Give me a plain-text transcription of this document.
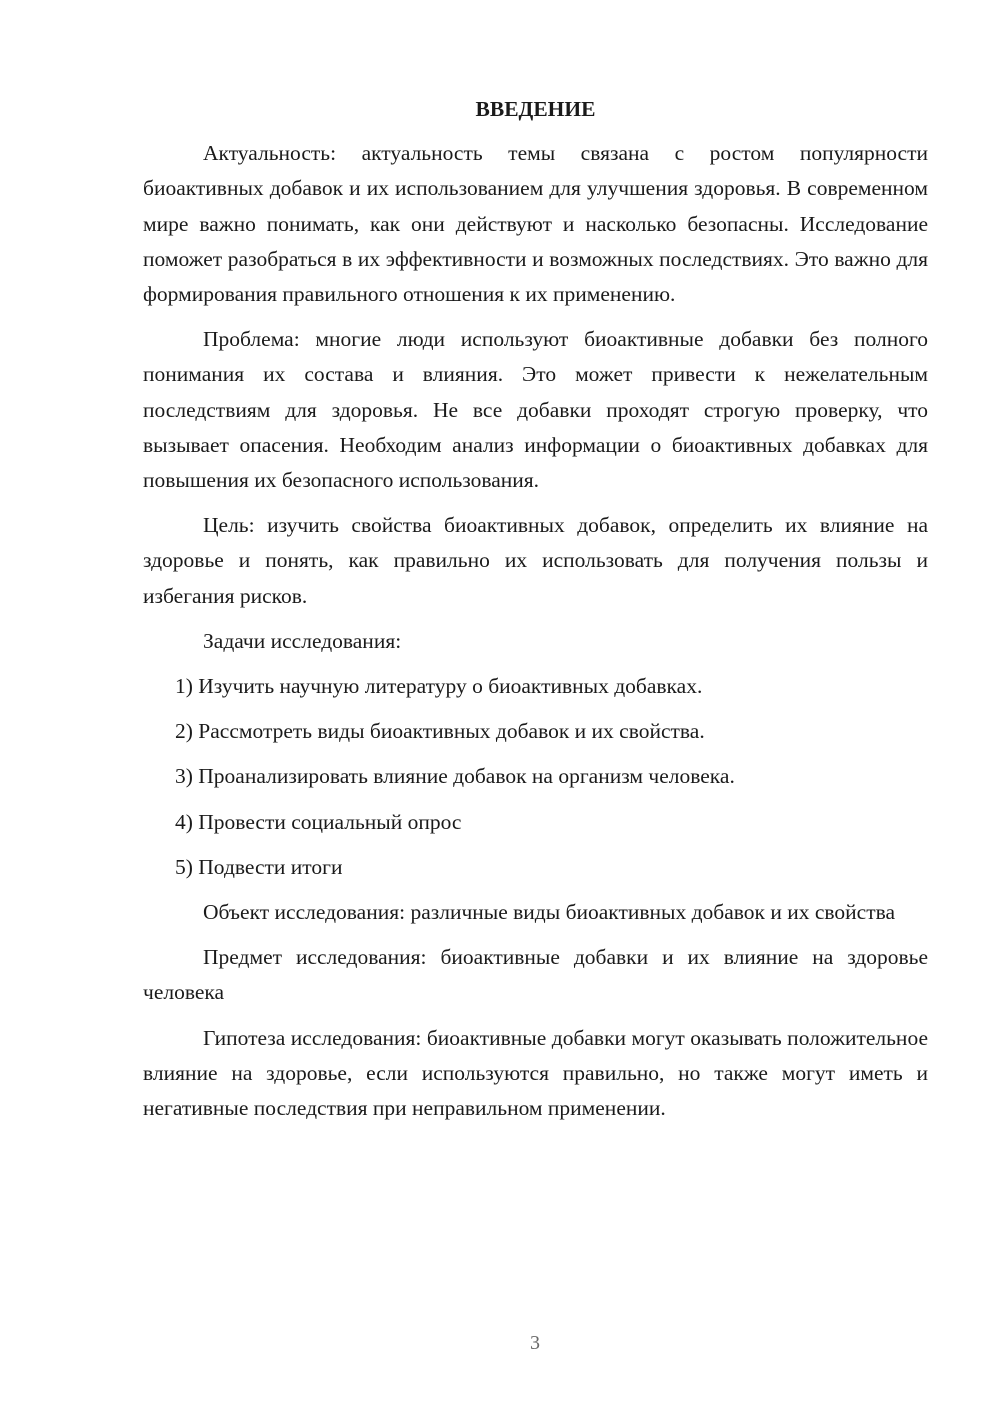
ВВЕДЕНИЕ

Актуальность: актуальность темы связана с ростом популярности биоактивных добавок и их использованием для улучшения здоровья. В современном мире важно понимать, как они действуют и насколько безопасны. Исследование поможет разобраться в их эффективности и возможных последствиях. Это важно для формирования правильного отношения к их применению.

Проблема: многие люди используют биоактивные добавки без полного понимания их состава и влияния. Это может привести к нежелательным последствиям для здоровья. Не все добавки проходят строгую проверку, что вызывает опасения. Необходим анализ информации о биоактивных добавках для повышения их безопасного использования.

Цель: изучить свойства биоактивных добавок, определить их влияние на здоровье и понять, как правильно их использовать для получения пользы и избегания рисков.

Задачи исследования:

1) Изучить научную литературу о биоактивных добавках.
2) Рассмотреть виды биоактивных добавок и их свойства.
3) Проанализировать влияние добавок на организм человека.
4) Провести социальный опрос
5) Подвести итоги

Объект исследования: различные виды биоактивных добавок и их свойства

Предмет исследования: биоактивные добавки и их влияние на здоровье человека

Гипотеза исследования: биоактивные добавки могут оказывать положительное влияние на здоровье, если используются правильно, но также могут иметь и негативные последствия при неправильном применении.

3
